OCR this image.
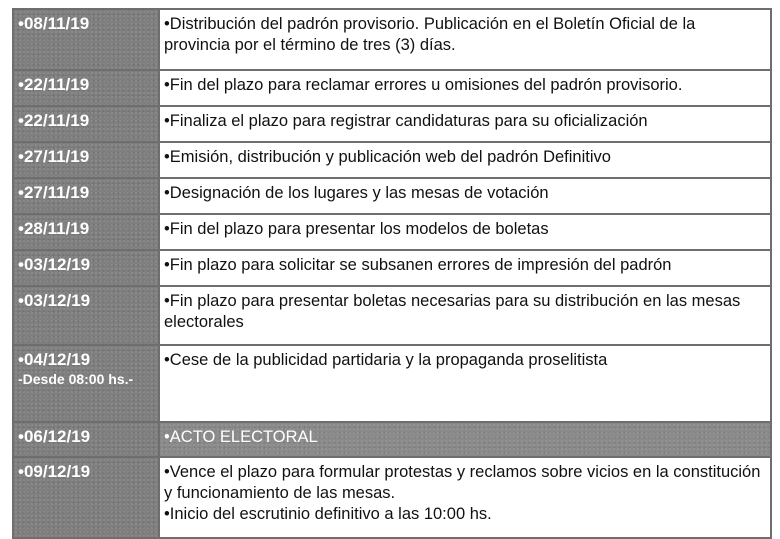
•08/11/19	•Distribución del padrón provisorio. Publicación en el Boletín Oficial de la provincia por el término de tres (3) días.

•22/11/19	•Fin del plazo para reclamar errores u omisiones del padrón provisorio.

•22/11/19	•Finaliza el plazo para registrar candidaturas para su oficialización

•27/11/19	•Emisión, distribución y publicación web del padrón Definitivo

•27/11/19	•Designación de los lugares y las mesas de votación

•28/11/19	•Fin del plazo para presentar los modelos de boletas

•03/12/19	•Fin plazo para solicitar se subsanen errores de impresión del padrón

•03/12/19	•Fin plazo para presentar boletas necesarias para su distribución en las mesas electorales

•04/12/19
-Desde 08:00 hs.-	•Cese de la publicidad partidaria y la propaganda proselitista

•06/12/19	•ACTO ELECTORAL

•09/12/19	•Vence el plazo para formular protestas y reclamos sobre vicios en la constitución y funcionamiento de las mesas.
•Inicio del escrutinio definitivo a las 10:00 hs.
